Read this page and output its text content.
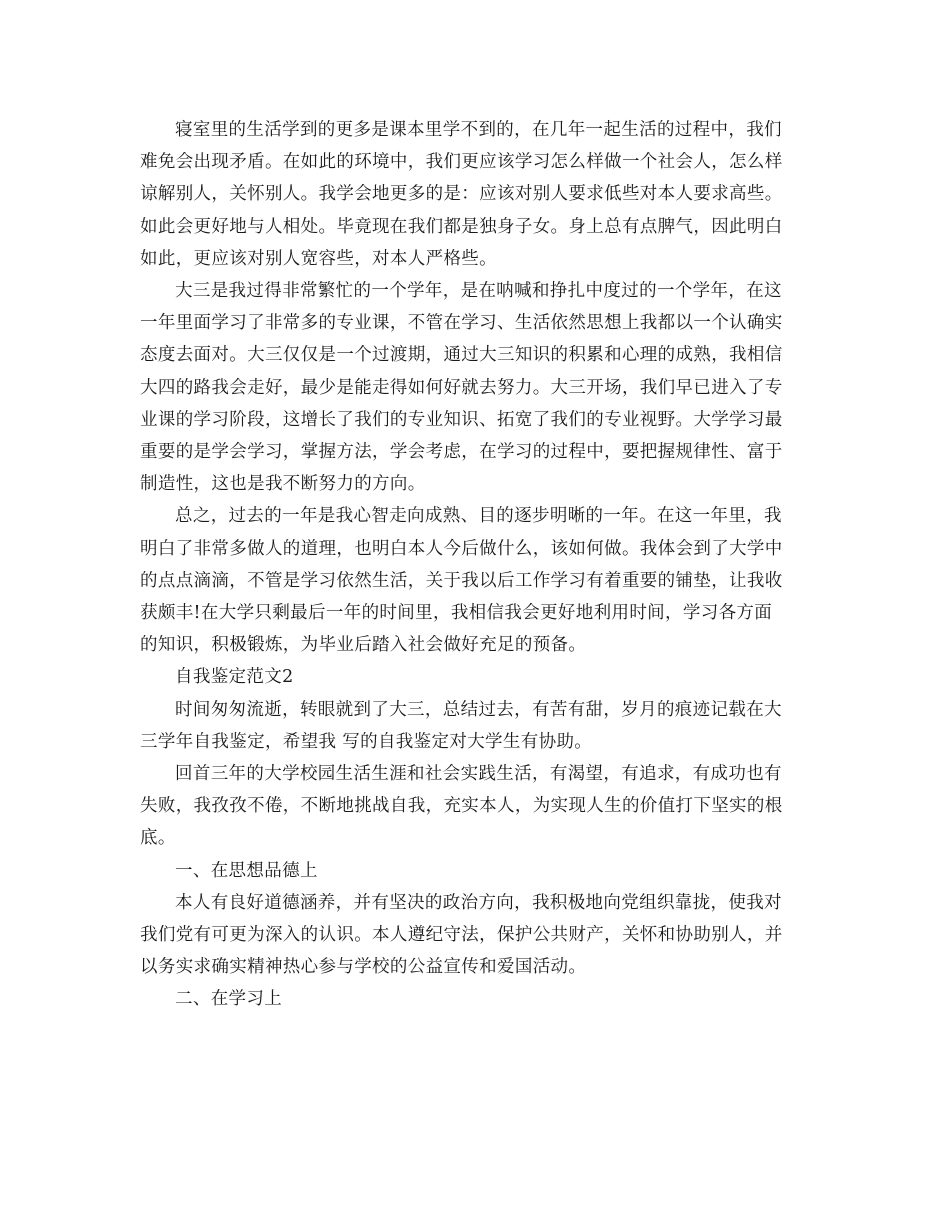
寝室里的生活学到的更多是课本里学不到的，在几年一起生活的过程中，我们
难免会出现矛盾。在如此的环境中，我们更应该学习怎么样做一个社会人，怎么样
谅解别人，关怀别人。我学会地更多的是：应该对别人要求低些对本人要求高些。
如此会更好地与人相处。毕竟现在我们都是独身子女。身上总有点脾气，因此明白
如此，更应该对别人宽容些，对本人严格些。

大三是我过得非常繁忙的一个学年，是在呐喊和挣扎中度过的一个学年，在这
一年里面学习了非常多的专业课，不管在学习、生活依然思想上我都以一个认确实
态度去面对。大三仅仅是一个过渡期，通过大三知识的积累和心理的成熟，我相信
大四的路我会走好，最少是能走得如何好就去努力。大三开场，我们早已进入了专
业课的学习阶段，这增长了我们的专业知识、拓宽了我们的专业视野。大学学习最
重要的是学会学习，掌握方法，学会考虑，在学习的过程中，要把握规律性、富于
制造性，这也是我不断努力的方向。

总之，过去的一年是我心智走向成熟、目的逐步明晰的一年。在这一年里，我
明白了非常多做人的道理，也明白本人今后做什么，该如何做。我体会到了大学中
的点点滴滴，不管是学习依然生活，关于我以后工作学习有着重要的铺垫，让我收
获颇丰!在大学只剩最后一年的时间里，我相信我会更好地利用时间，学习各方面
的知识，积极锻炼，为毕业后踏入社会做好充足的预备。

自我鉴定范文2

时间匆匆流逝，转眼就到了大三，总结过去，有苦有甜，岁月的痕迹记载在大
三学年自我鉴定，希望我 写的自我鉴定对大学生有协助。

回首三年的大学校园生活生涯和社会实践生活，有渴望，有追求，有成功也有
失败，我孜孜不倦，不断地挑战自我，充实本人，为实现人生的价值打下坚实的根
底。

一、在思想品德上

本人有良好道德涵养，并有坚决的政治方向，我积极地向党组织靠拢，使我对
我们党有可更为深入的认识。本人遵纪守法，保护公共财产，关怀和协助别人，并
以务实求确实精神热心参与学校的公益宣传和爱国活动。

二、在学习上
